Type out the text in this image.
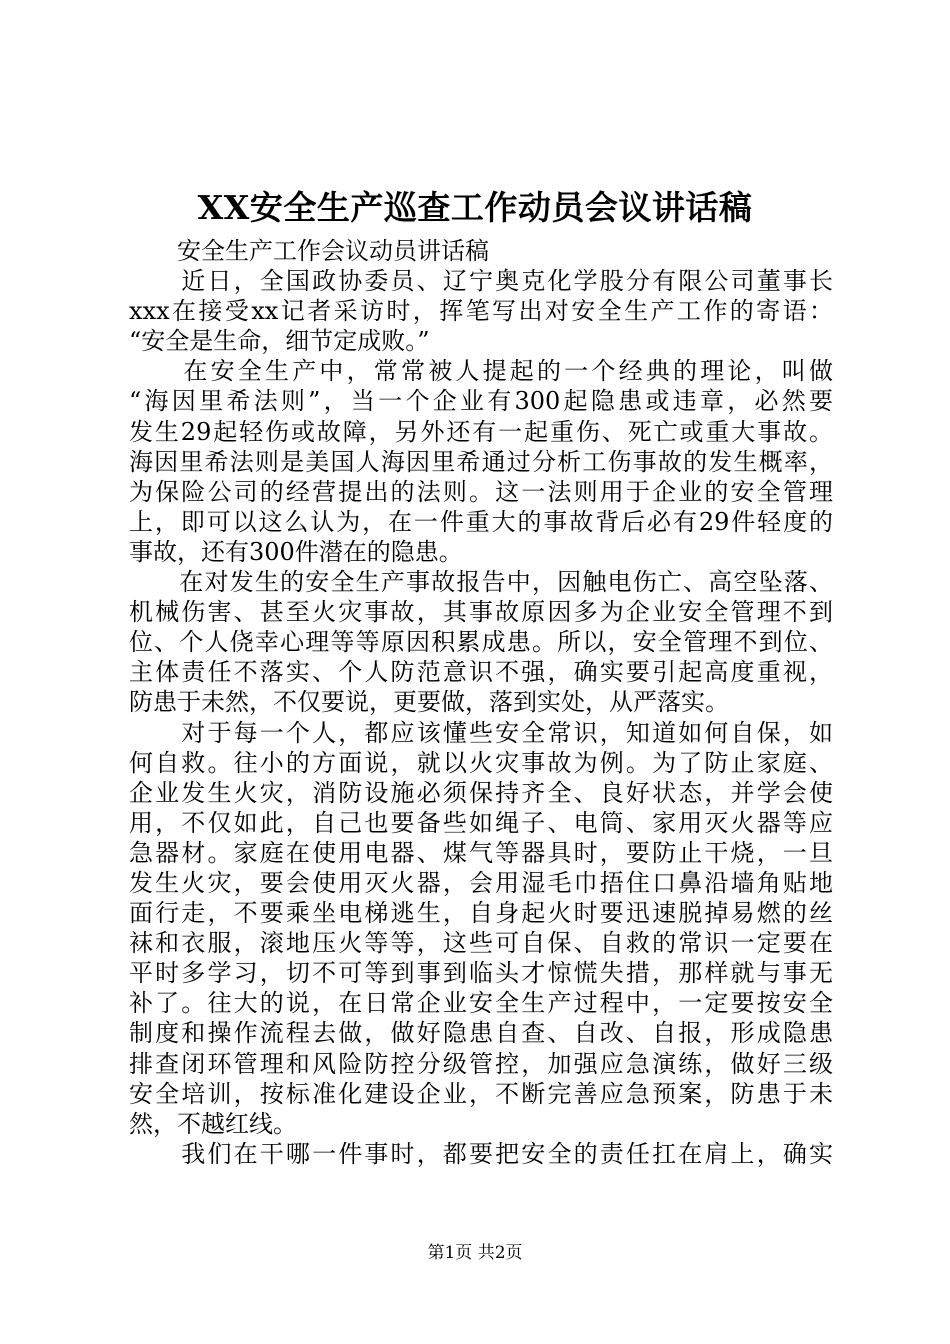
XX安全生产巡查工作动员会议讲话稿
　　安全生产工作会议动员讲话稿
　　近日，全国政协委员、辽宁奥克化学股分有限公司董事长
xxx在接受xx记者采访时，挥笔写出对安全生产工作的寄语：
“安全是生命，细节定成败。”
　　在安全生产中，常常被人提起的一个经典的理论，叫做
“海因里希法则”，当一个企业有300起隐患或违章，必然要
发生29起轻伤或故障，另外还有一起重伤、死亡或重大事故。
海因里希法则是美国人海因里希通过分析工伤事故的发生概率，
为保险公司的经营提出的法则。这一法则用于企业的安全管理
上，即可以这么认为，在一件重大的事故背后必有29件轻度的
事故，还有300件潜在的隐患。
　　在对发生的安全生产事故报告中，因触电伤亡、高空坠落、
机械伤害、甚至火灾事故，其事故原因多为企业安全管理不到
位、个人侥幸心理等等原因积累成患。所以，安全管理不到位、
主体责任不落实、个人防范意识不强，确实要引起高度重视，
防患于未然，不仅要说，更要做，落到实处，从严落实。
　　对于每一个人，都应该懂些安全常识，知道如何自保，如
何自救。往小的方面说，就以火灾事故为例。为了防止家庭、
企业发生火灾，消防设施必须保持齐全、良好状态，并学会使
用，不仅如此，自己也要备些如绳子、电筒、家用灭火器等应
急器材。家庭在使用电器、煤气等器具时，要防止干烧，一旦
发生火灾，要会使用灭火器，会用湿毛巾捂住口鼻沿墙角贴地
面行走，不要乘坐电梯逃生，自身起火时要迅速脱掉易燃的丝
袜和衣服，滚地压火等等，这些可自保、自救的常识一定要在
平时多学习，切不可等到事到临头才惊慌失措，那样就与事无
补了。往大的说，在日常企业安全生产过程中，一定要按安全
制度和操作流程去做，做好隐患自查、自改、自报，形成隐患
排查闭环管理和风险防控分级管控，加强应急演练，做好三级
安全培训，按标准化建设企业，不断完善应急预案，防患于未
然，不越红线。
　　我们在干哪一件事时，都要把安全的责任扛在肩上，确实
第1页 共2页
